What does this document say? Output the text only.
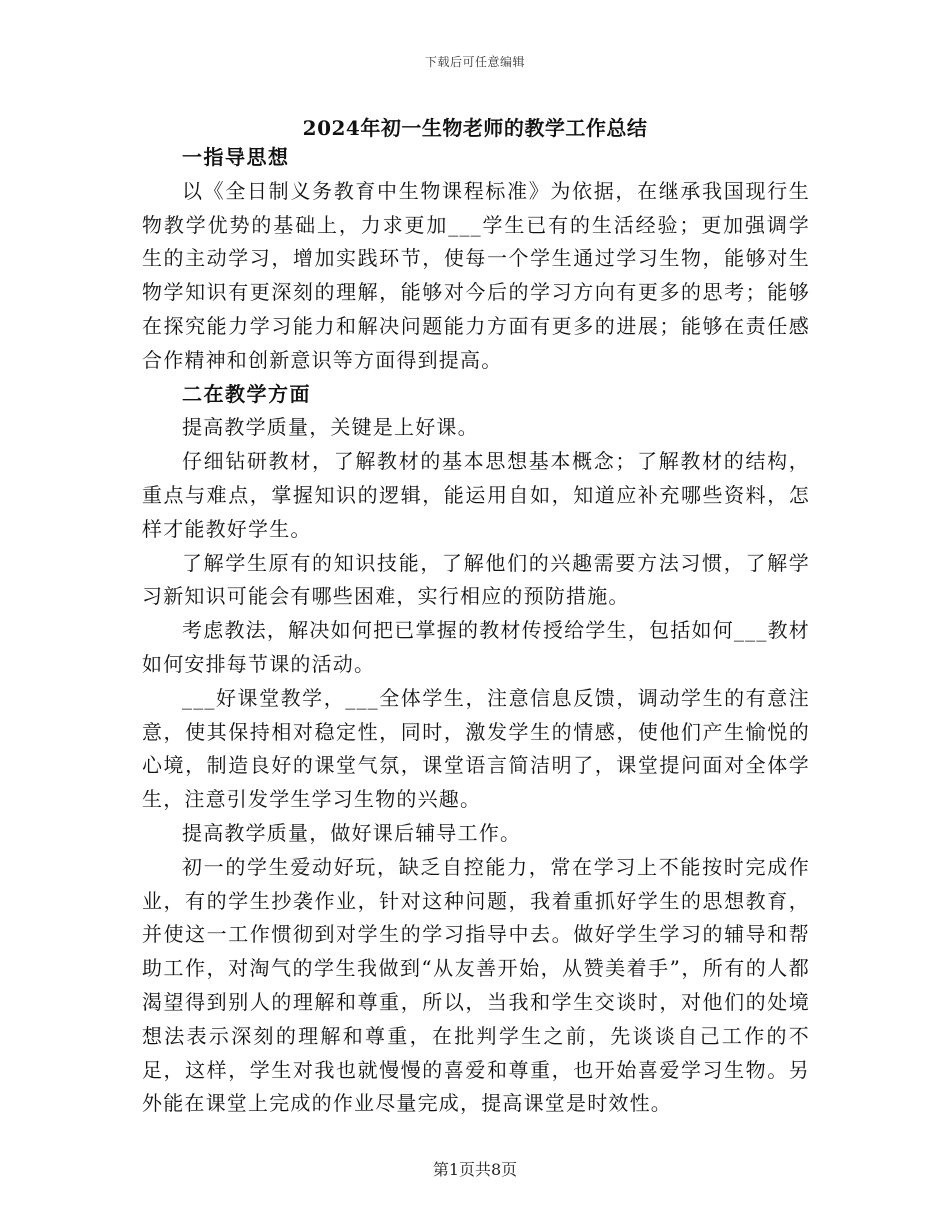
下载后可任意编辑
2024年初一生物老师的教学工作总结

一指导思想

以《全日制义务教育中生物课程标准》为依据，在继承我国现行生物教学优势的基础上，力求更加___学生已有的生活经验；更加强调学生的主动学习，增加实践环节，使每一个学生通过学习生物，能够对生物学知识有更深刻的理解，能够对今后的学习方向有更多的思考；能够在探究能力学习能力和解决问题能力方面有更多的进展；能够在责任感合作精神和创新意识等方面得到提高。

二在教学方面

提高教学质量，关键是上好课。

仔细钻研教材，了解教材的基本思想基本概念；了解教材的结构，重点与难点，掌握知识的逻辑，能运用自如，知道应补充哪些资料，怎样才能教好学生。

了解学生原有的知识技能，了解他们的兴趣需要方法习惯，了解学习新知识可能会有哪些困难，实行相应的预防措施。

考虑教法，解决如何把已掌握的教材传授给学生，包括如何___教材如何安排每节课的活动。

___好课堂教学，___全体学生，注意信息反馈，调动学生的有意注意，使其保持相对稳定性，同时，激发学生的情感，使他们产生愉悦的心境，制造良好的课堂气氛，课堂语言简洁明了，课堂提问面对全体学生，注意引发学生学习生物的兴趣。

提高教学质量，做好课后辅导工作。

初一的学生爱动好玩，缺乏自控能力，常在学习上不能按时完成作业，有的学生抄袭作业，针对这种问题，我着重抓好学生的思想教育，并使这一工作惯彻到对学生的学习指导中去。做好学生学习的辅导和帮助工作，对淘气的学生我做到“从友善开始，从赞美着手”，所有的人都渴望得到别人的理解和尊重，所以，当我和学生交谈时，对他们的处境想法表示深刻的理解和尊重，在批判学生之前，先谈谈自己工作的不足，这样，学生对我也就慢慢的喜爱和尊重，也开始喜爱学习生物。另外能在课堂上完成的作业尽量完成，提高课堂是时效性。

第1页共8页
